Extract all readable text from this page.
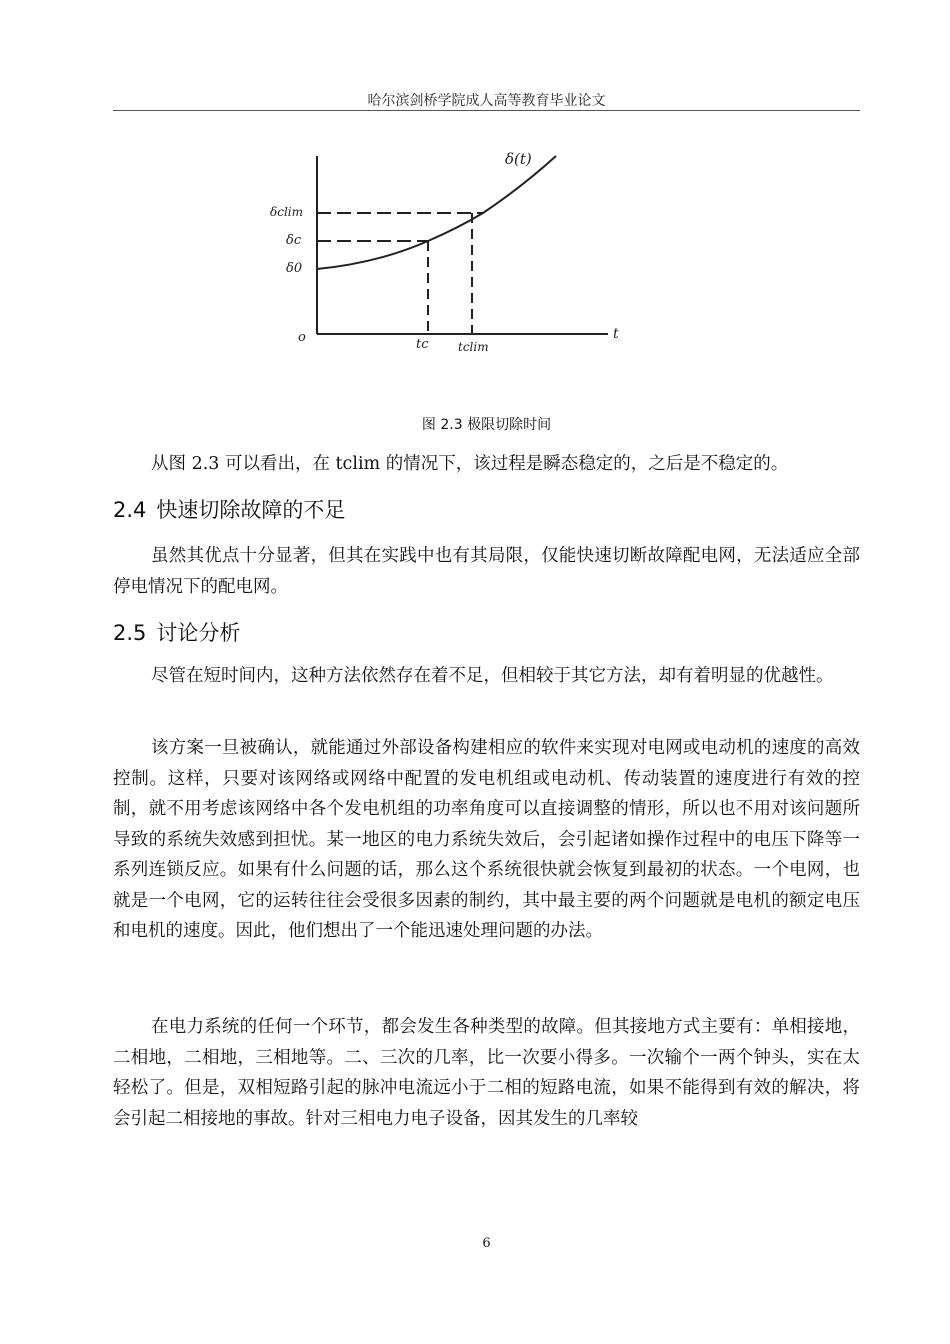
哈尔滨剑桥学院成人高等教育毕业论文
δ(t)
δclim
δc
δ0
o	t
tc tclim
图 2.3 极限切除时间

从图 2.3 可以看出，在 tclim 的情况下，该过程是瞬态稳定的，之后是不稳定的。

2.4 快速切除故障的不足

虽然其优点十分显著，但其在实践中也有其局限，仅能快速切断故障配电网，无法适应全部停电情况下的配电网。

2.5 讨论分析

尽管在短时间内，这种方法依然存在着不足，但相较于其它方法，却有着明显的优越性。

该方案一旦被确认，就能通过外部设备构建相应的软件来实现对电网或电动机的速度的高效控制。这样，只要对该网络或网络中配置的发电机组或电动机、传动装置的速度进行有效的控制，就不用考虑该网络中各个发电机组的功率角度可以直接调整的情形，所以也不用对该问题所导致的系统失效感到担忧。某一地区的电力系统失效后，会引起诸如操作过程中的电压下降等一系列连锁反应。如果有什么问题的话，那么这个系统很快就会恢复到最初的状态。一个电网，也就是一个电网，它的运转往往会受很多因素的制约，其中最主要的两个问题就是电机的额定电压和电机的速度。因此，他们想出了一个能迅速处理问题的办法。

在电力系统的任何一个环节，都会发生各种类型的故障。但其接地方式主要有：单相接地，二相地，二相地，三相地等。二、三次的几率，比一次要小得多。一次输个一两个钟头，实在太轻松了。但是，双相短路引起的脉冲电流远小于二相的短路电流，如果不能得到有效的解决，将会引起二相接地的事故。针对三相电力电子设备，因其发生的几率较

6
